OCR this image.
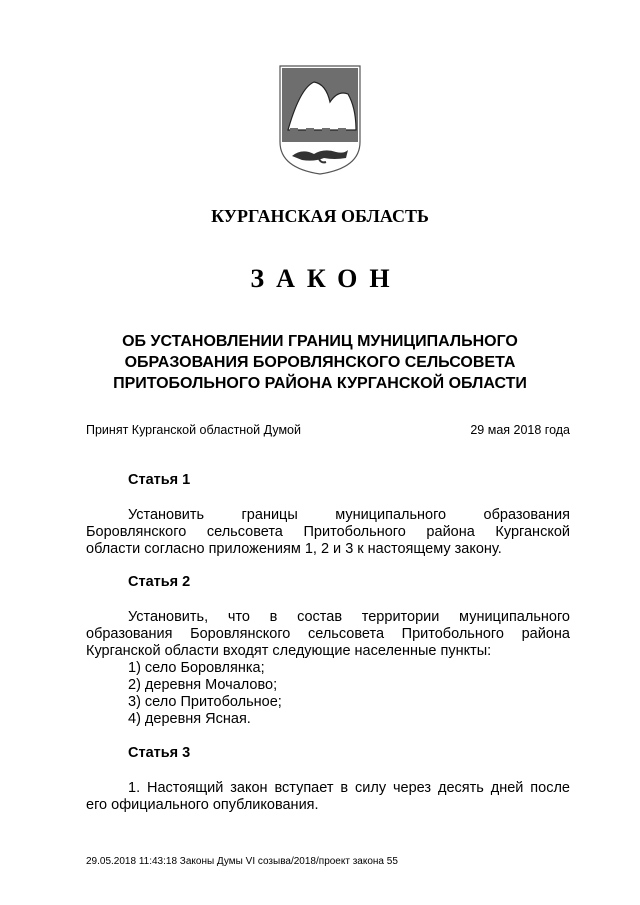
КУРГАНСКАЯ ОБЛАСТЬ
ЗАКОН
ОБ УСТАНОВЛЕНИИ ГРАНИЦ МУНИЦИПАЛЬНОГО
ОБРАЗОВАНИЯ БОРОВЛЯНСКОГО СЕЛЬСОВЕТА
ПРИТОБОЛЬНОГО РАЙОНА КУРГАНСКОЙ ОБЛАСТИ
Принят Курганской областной Думой	29 мая 2018 года
Статья 1
Установить границы муниципального образования
Боровлянского сельсовета Притобольного района Курганской
области согласно приложениям 1, 2 и 3 к настоящему закону.
Статья 2
Установить, что в состав территории муниципального
образования Боровлянского сельсовета Притобольного района
Курганской области входят следующие населенные пункты:
1) село Боровлянка;
2) деревня Мочалово;
3) село Притобольное;
4) деревня Ясная.
Статья 3
1. Настоящий закон вступает в силу через десять дней после
его официального опубликования.
29.05.2018 11:43:18 Законы Думы VI созыва/2018/проект закона 55
